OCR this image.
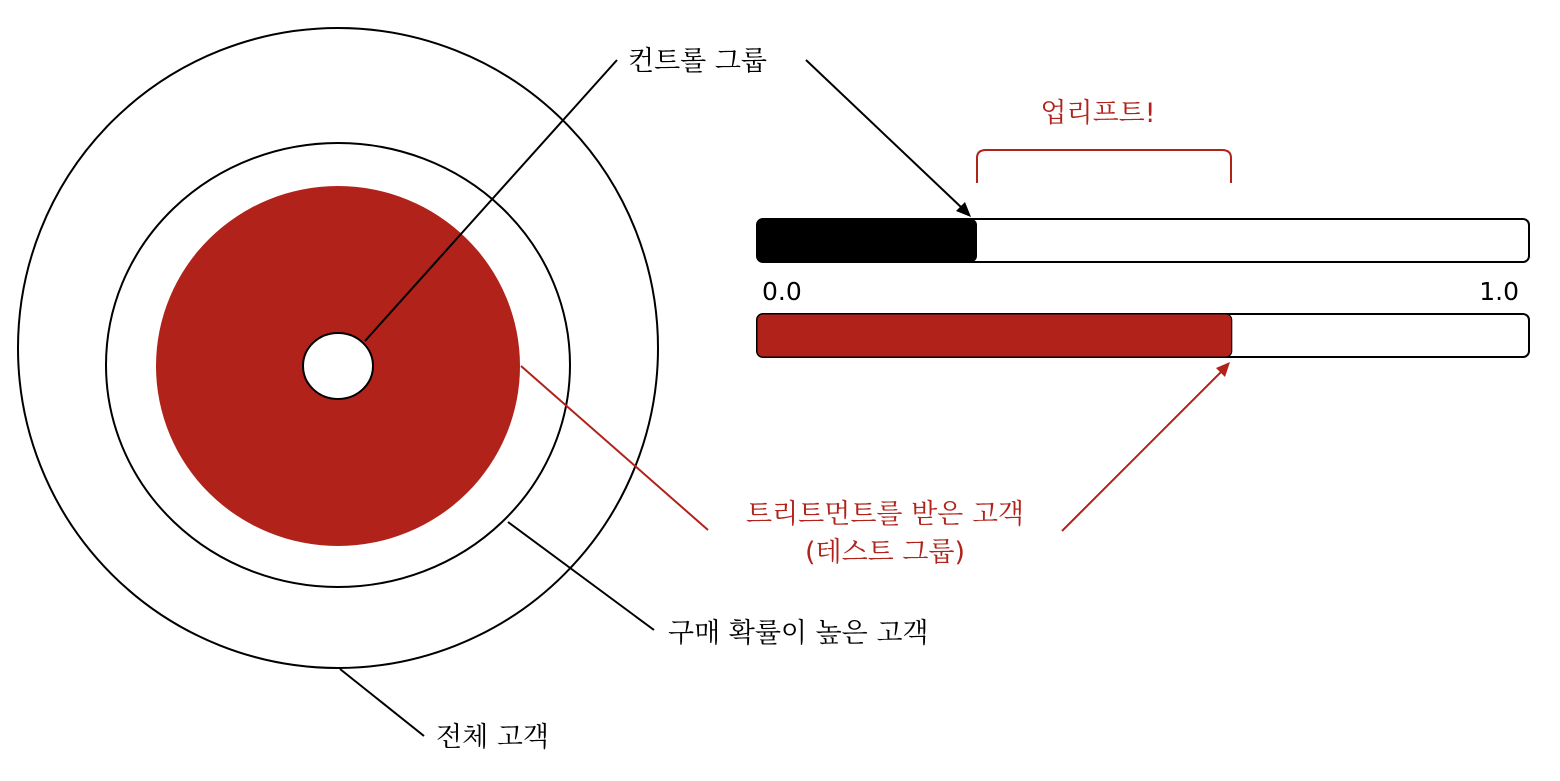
0.0	1.0
컨트롤 그룹
업리프트!
트리트먼트를 받은 고객
(테스트 그룹)
구매 확률이 높은 고객
전체 고객
